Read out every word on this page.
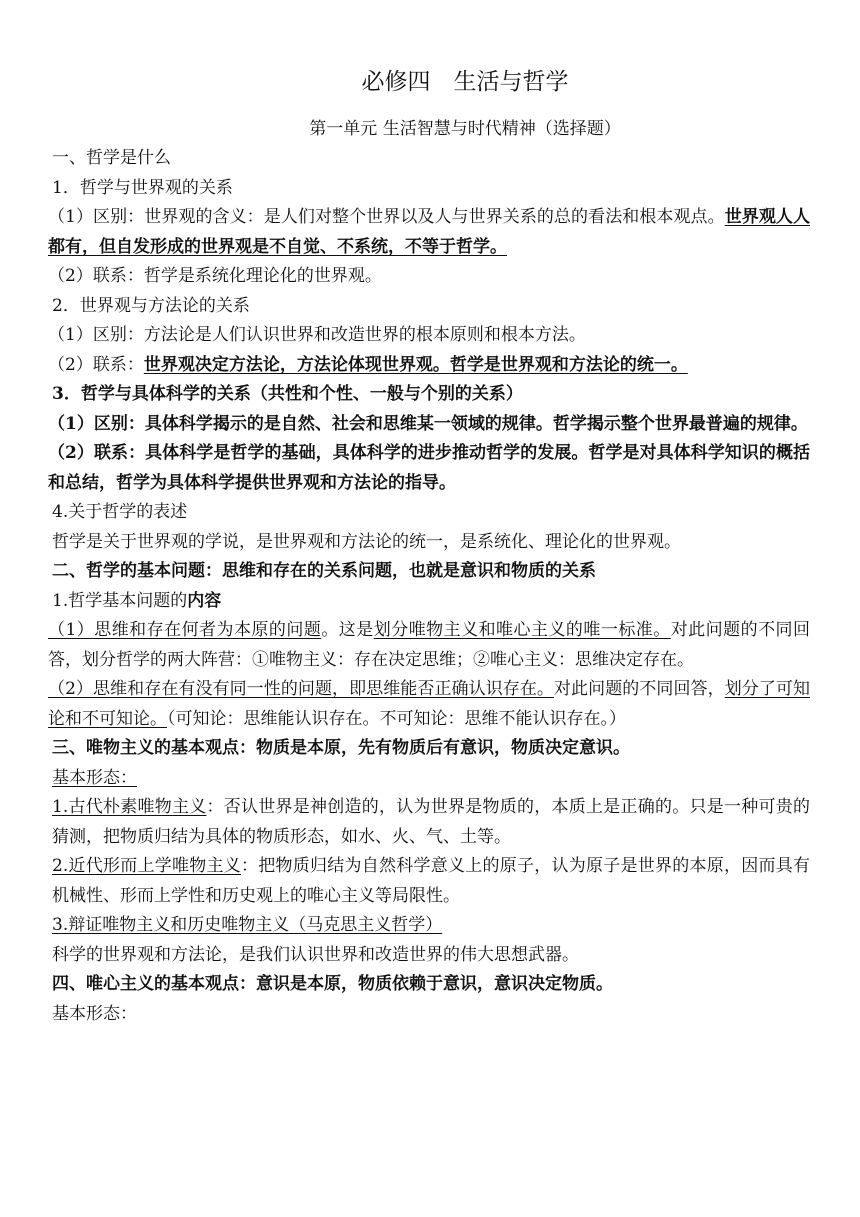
必修四　生活与哲学
第一单元 生活智慧与时代精神（选择题）

一、哲学是什么

1．哲学与世界观的关系

（1）区别：世界观的含义：是人们对整个世界以及人与世界关系的总的看法和根本观点。世界观人人都有，但自发形成的世界观是不自觉、不系统，不等于哲学。

（2）联系：哲学是系统化理论化的世界观。

2．世界观与方法论的关系

（1）区别：方法论是人们认识世界和改造世界的根本原则和根本方法。

（2）联系：世界观决定方法论，方法论体现世界观。哲学是世界观和方法论的统一。

3．哲学与具体科学的关系（共性和个性、一般与个别的关系）

（1）区别：具体科学揭示的是自然、社会和思维某一领域的规律。哲学揭示整个世界最普遍的规律。

（2）联系：具体科学是哲学的基础，具体科学的进步推动哲学的发展。哲学是对具体科学知识的概括和总结，哲学为具体科学提供世界观和方法论的指导。

4.关于哲学的表述

哲学是关于世界观的学说，是世界观和方法论的统一，是系统化、理论化的世界观。

二、哲学的基本问题：思维和存在的关系问题，也就是意识和物质的关系

1.哲学基本问题的内容

（1）思维和存在何者为本原的问题。这是划分唯物主义和唯心主义的唯一标准。对此问题的不同回答，划分哲学的两大阵营：①唯物主义：存在决定思维；②唯心主义：思维决定存在。

（2）思维和存在有没有同一性的问题，即思维能否正确认识存在。对此问题的不同回答，划分了可知论和不可知论。（可知论：思维能认识存在。不可知论：思维不能认识存在。）

三、唯物主义的基本观点：物质是本原，先有物质后有意识，物质决定意识。

基本形态：

1.古代朴素唯物主义：否认世界是神创造的，认为世界是物质的，本质上是正确的。只是一种可贵的猜测，把物质归结为具体的物质形态，如水、火、气、土等。

2.近代形而上学唯物主义：把物质归结为自然科学意义上的原子，认为原子是世界的本原，因而具有机械性、形而上学性和历史观上的唯心主义等局限性。

3.辩证唯物主义和历史唯物主义（马克思主义哲学）

科学的世界观和方法论，是我们认识世界和改造世界的伟大思想武器。

四、唯心主义的基本观点：意识是本原，物质依赖于意识，意识决定物质。

基本形态：
